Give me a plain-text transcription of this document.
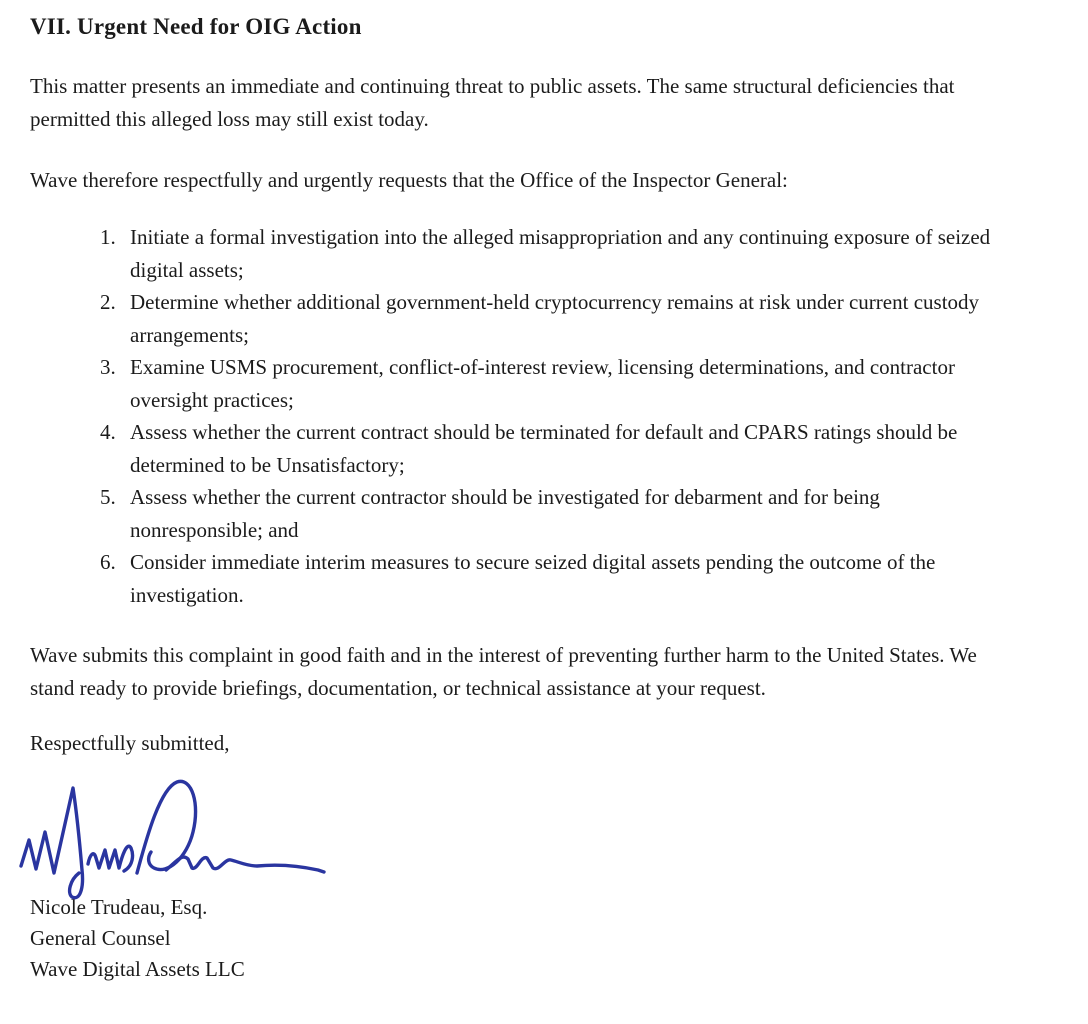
VII. Urgent Need for OIG Action

This matter presents an immediate and continuing threat to public assets. The same structural deficiencies that permitted this alleged loss may still exist today.

Wave therefore respectfully and urgently requests that the Office of the Inspector General:

Initiate a formal investigation into the alleged misappropriation and any continuing exposure of seized digital assets;
Determine whether additional government-held cryptocurrency remains at risk under current custody arrangements;
Examine USMS procurement, conflict-of-interest review, licensing determinations, and contractor oversight practices;
Assess whether the current contract should be terminated for default and CPARS ratings should be determined to be Unsatisfactory;
Assess whether the current contractor should be investigated for debarment and for being nonresponsible; and
Consider immediate interim measures to secure seized digital assets pending the outcome of the investigation.

Wave submits this complaint in good faith and in the interest of preventing further harm to the United States. We stand ready to provide briefings, documentation, or technical assistance at your request.

Respectfully submitted,

Nicole Trudeau, Esq.
General Counsel
Wave Digital Assets LLC
